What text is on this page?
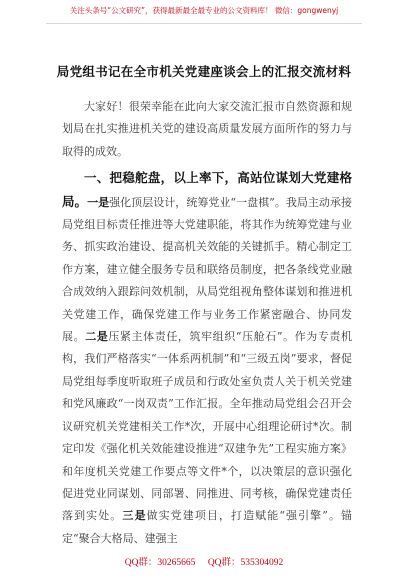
关注头条号“公文研究”，获得最新最全最专业的公文资料库！ 微信：gongwenyj
局党组书记在全市机关党建座谈会上的汇报交流材料

大家好！很荣幸能在此向大家交流汇报市自然资源和规划局在扎实推进机关党的建设高质量发展方面所作的努力与取得的成效。

一、把稳舵盘，以上率下，高站位谋划大党建格局。一是强化顶层设计，统筹党业“一盘棋”。我局主动承接局党组目标责任推进等大党建职能，将其作为统筹党建与业务、抓实政治建设、提高机关效能的关键抓手。精心制定工作方案，建立健全服务专员和联络员制度，把各条线党业融合成效纳入跟踪问效机制，从局党组视角整体谋划和推进机关党建工作，确保党建工作与业务工作紧密融合、协同发展。二是压紧主体责任，筑牢组织“压舱石”。作为专责机构，我们严格落实“一体系两机制”和“三级五岗”要求，督促局党组每季度听取班子成员和行政处室负责人关于机关党建和党风廉政“一岗双责”工作汇报。全年推动局党组会召开会议研究机关党建相关工作*次，开展中心组理论研讨*次。制定印发《强化机关效能建设推进“双建争先”工程实施方案》和年度机关党建工作要点等文件*个，以决策层的意识强化促进党业同谋划、同部署、同推进、同考核，确保党建责任落到实处。三是做实党建项目，打造赋能“强引擎”。锚定“聚合大格局、建强主

QQ群：30265665 QQ群：535304092
